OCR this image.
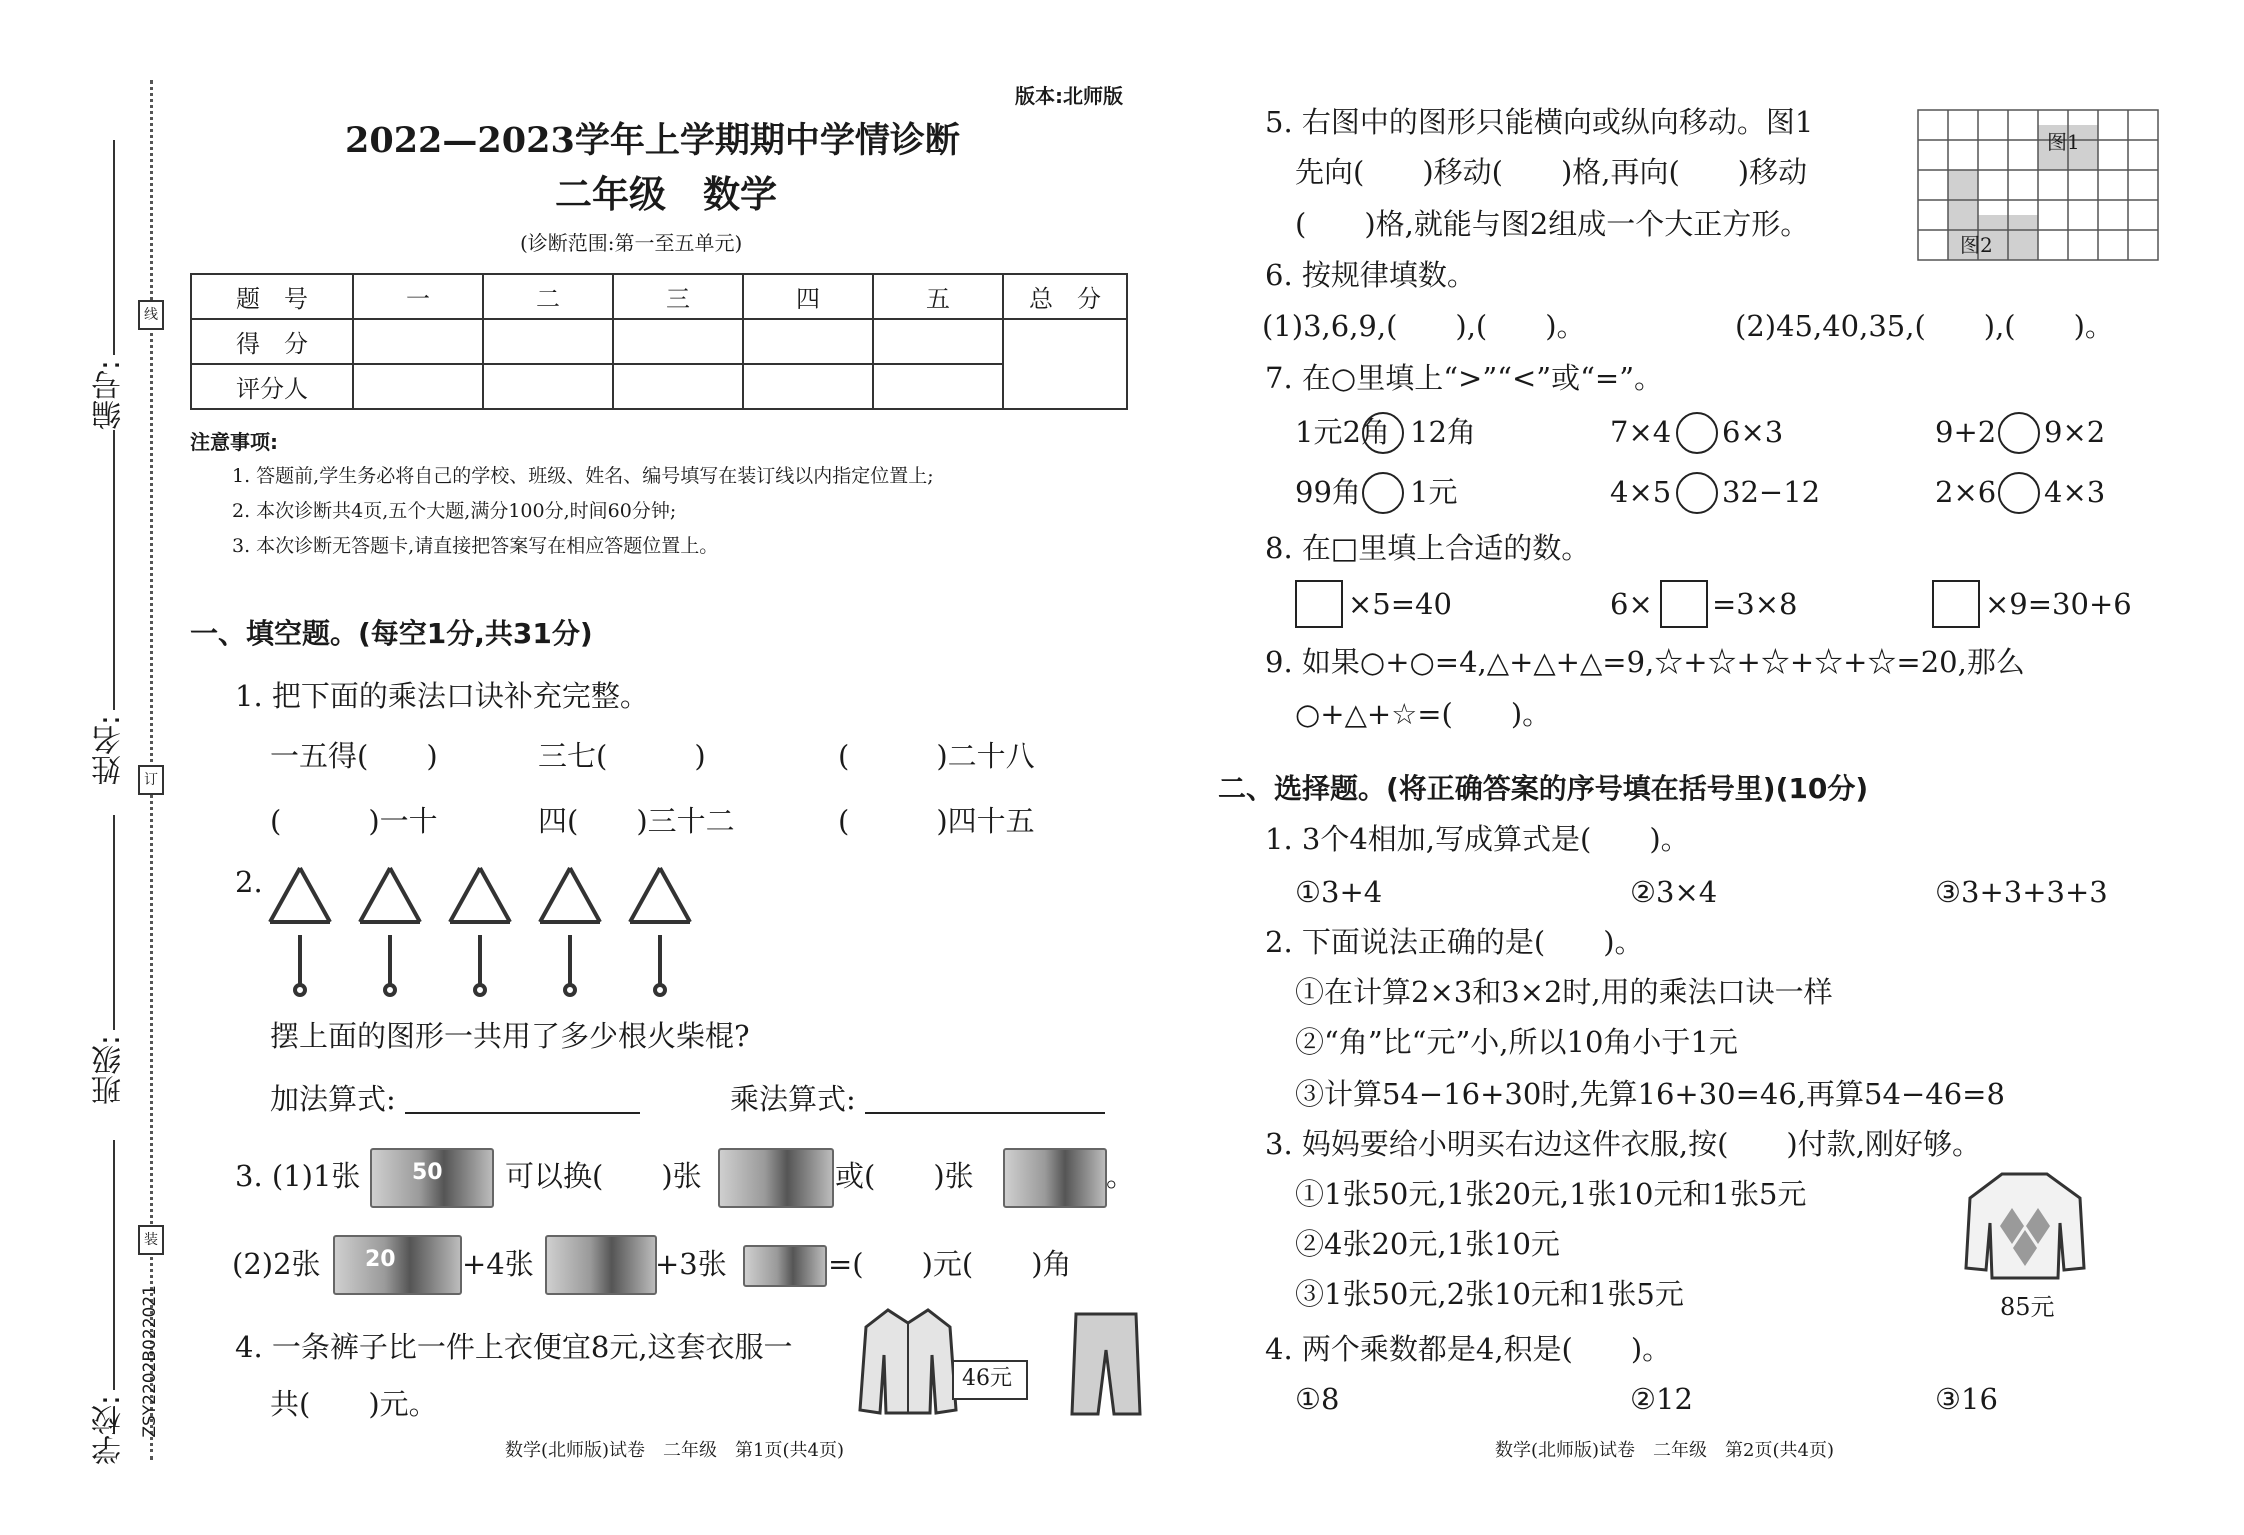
编号:
姓名:
班级:
学校:
线
订
装
ZSY2202B022021
版本:北师版
2022—2023学年上学期期中学情诊断
二年级　数学
(诊断范围:第一至五单元)
题　号	一	二	三	四	五	总　分
得　分						
评分人						
注意事项:
1. 答题前,学生务必将自己的学校、班级、姓名、编号填写在装订线以内指定位置上;
2. 本次诊断共4页,五个大题,满分100分,时间60分钟;
3. 本次诊断无答题卡,请直接把答案写在相应答题位置上。
一、填空题。(每空1分,共31分)
1. 把下面的乘法口诀补充完整。
一五得(　　)	三七(　　　)	(　　　)二十八
(　　　)一十	四(　　)三十二	(　　　)四十五
2.
摆上面的图形一共用了多少根火柴棍?
加法算式:	乘法算式:
3. (1)1张 50 可以换(　　)张	或(　　)张	。
(2)2张 20 +4张	+3张	=(　　)元(　　)角
4. 一条裤子比一件上衣便宜8元,这套衣服一
共(　　)元。
46元
数学(北师版)试卷　二年级　第1页(共4页)
5. 右图中的图形只能横向或纵向移动。图1
先向(　　)移动(　　)格,再向(　　)移动
(　　)格,就能与图2组成一个大正方形。
图1
图2
6. 按规律填数。
(1)3,6,9,(　　),(　　)。	(2)45,40,35,(　　),(　　)。
7. 在○里填上“>”“<”或“=”。
1元2角 12角	7×4 6×3	9+2 9×2
99角 1元	4×5 32−12	2×6 4×3
8. 在□里填上合适的数。
×5=40	6× =3×8	×9=30+6
9. 如果○+○=4,△+△+△=9,☆+☆+☆+☆+☆=20,那么
○+△+☆=(　　)。
二、选择题。(将正确答案的序号填在括号里)(10分)
1. 3个4相加,写成算式是(　　)。
①3+4	②3×4	③3+3+3+3
2. 下面说法正确的是(　　)。
①在计算2×3和3×2时,用的乘法口诀一样
②“角”比“元”小,所以10角小于1元
③计算54−16+30时,先算16+30=46,再算54−46=8
3. 妈妈要给小明买右边这件衣服,按(　　)付款,刚好够。
①1张50元,1张20元,1张10元和1张5元
②4张20元,1张10元
③1张50元,2张10元和1张5元	85元
4. 两个乘数都是4,积是(　　)。
①8	②12	③16
数学(北师版)试卷　二年级　第2页(共4页)
